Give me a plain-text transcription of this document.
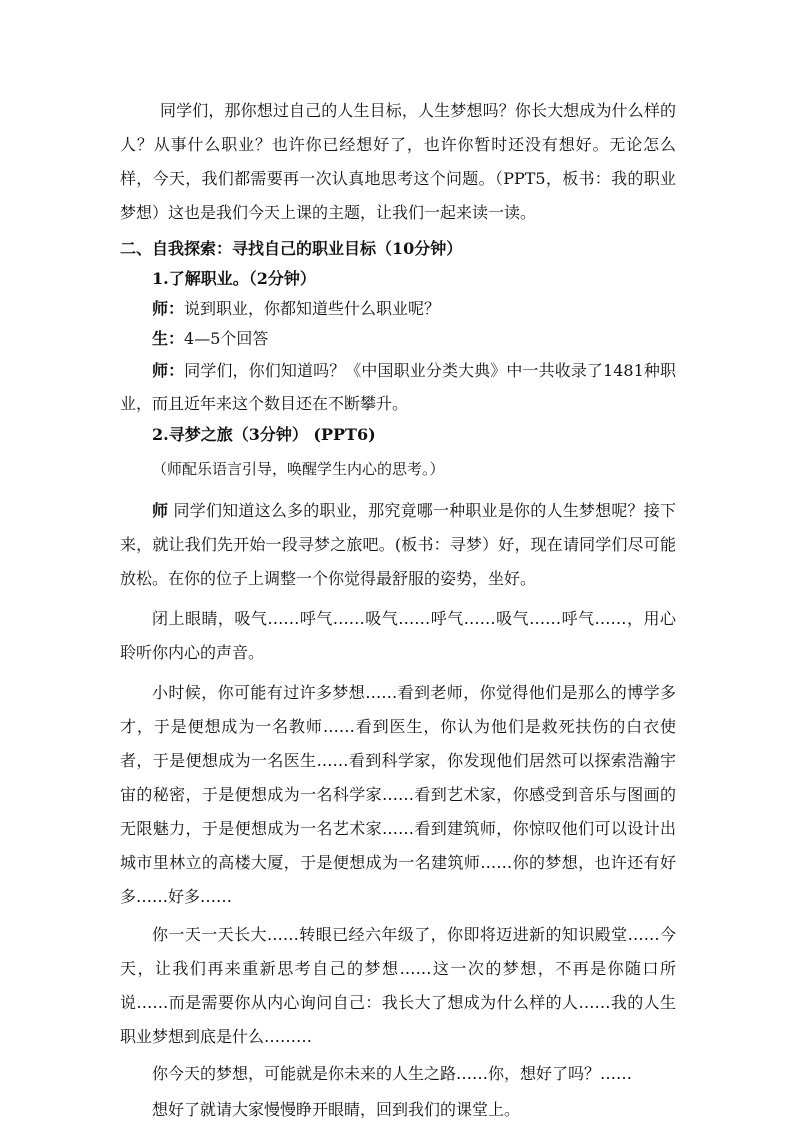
同学们，那你想过自己的人生目标，人生梦想吗？你长大想成为什么样的人？从事什么职业？也许你已经想好了，也许你暂时还没有想好。无论怎么样，今天，我们都需要再一次认真地思考这个问题。（PPT5，板书：我的职业梦想）这也是我们今天上课的主题，让我们一起来读一读。

二、自我探索：寻找自己的职业目标（10分钟）

1.了解职业。（2分钟）

师：说到职业，你都知道些什么职业呢？

生：4—5个回答

师：同学们，你们知道吗？《中国职业分类大典》中一共收录了1481种职业，而且近年来这个数目还在不断攀升。

2.寻梦之旅（3分钟） (PPT6)

（师配乐语言引导，唤醒学生内心的思考。）

师 同学们知道这么多的职业，那究竟哪一种职业是你的人生梦想呢？接下来，就让我们先开始一段寻梦之旅吧。(板书：寻梦）好，现在请同学们尽可能放松。在你的位子上调整一个你觉得最舒服的姿势，坐好。

闭上眼睛，吸气……呼气……吸气……呼气……吸气……呼气……，用心聆听你内心的声音。

小时候，你可能有过许多梦想……看到老师，你觉得他们是那么的博学多才，于是便想成为一名教师……看到医生，你认为他们是救死扶伤的白衣使者，于是便想成为一名医生……看到科学家，你发现他们居然可以探索浩瀚宇宙的秘密，于是便想成为一名科学家……看到艺术家，你感受到音乐与图画的无限魅力，于是便想成为一名艺术家……看到建筑师，你惊叹他们可以设计出城市里林立的高楼大厦，于是便想成为一名建筑师……你的梦想，也许还有好多……好多……

你一天一天长大……转眼已经六年级了，你即将迈进新的知识殿堂……今天，让我们再来重新思考自己的梦想……这一次的梦想，不再是你随口所说……而是需要你从内心询问自己：我长大了想成为什么样的人……我的人生职业梦想到底是什么………

你今天的梦想，可能就是你未来的人生之路……你，想好了吗？……

想好了就请大家慢慢睁开眼睛，回到我们的课堂上。
